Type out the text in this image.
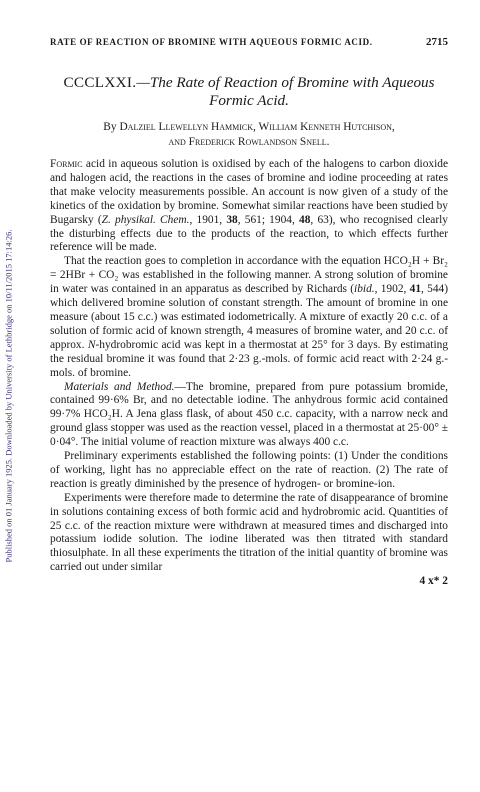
Published on 01 January 1925. Downloaded by University of Lethbridge on 10/11/2015 17:14:26.
RATE OF REACTION OF BROMINE WITH AQUEOUS FORMIC ACID.	2715
CCCLXXI.—The Rate of Reaction of Bromine with Aqueous Formic Acid.
By Dalziel Llewellyn Hammick, William Kenneth Hutchison,
and Frederick Rowlandson Snell.

Formic acid in aqueous solution is oxidised by each of the halogens to carbon dioxide and halogen acid, the reactions in the cases of bromine and iodine proceeding at rates that make velocity measurements possible. An account is now given of a study of the kinetics of the oxidation by bromine. Somewhat similar reactions have been studied by Bugarsky (Z. physikal. Chem., 1901, 38, 561; 1904, 48, 63), who recognised clearly the disturbing effects due to the products of the reaction, to which effects further reference will be made.

That the reaction goes to completion in accordance with the equation HCO₂H + Br₂ = 2HBr + CO₂ was established in the following manner. A strong solution of bromine in water was contained in an apparatus as described by Richards (ibid., 1902, 41, 544) which delivered bromine solution of constant strength. The amount of bromine in one measure (about 15 c.c.) was estimated iodometrically. A mixture of exactly 20 c.c. of a solution of formic acid of known strength, 4 measures of bromine water, and 20 c.c. of approx. N-hydrobromic acid was kept in a thermostat at 25° for 3 days. By estimating the residual bromine it was found that 2·23 g.-mols. of formic acid react with 2·24 g.-mols. of bromine.

Materials and Method.—The bromine, prepared from pure potassium bromide, contained 99·6% Br, and no detectable iodine. The anhydrous formic acid contained 99·7% HCO₂H. A Jena glass flask, of about 450 c.c. capacity, with a narrow neck and ground glass stopper was used as the reaction vessel, placed in a thermostat at 25·00° ± 0·04°. The initial volume of reaction mixture was always 400 c.c.

Preliminary experiments established the following points: (1) Under the conditions of working, light has no appreciable effect on the rate of reaction. (2) The rate of reaction is greatly diminished by the presence of hydrogen- or bromine-ion.

Experiments were therefore made to determine the rate of disappearance of bromine in solutions containing excess of both formic acid and hydrobromic acid. Quantities of 25 c.c. of the reaction mixture were withdrawn at measured times and discharged into potassium iodide solution. The iodine liberated was then titrated with standard thiosulphate. In all these experiments the titration of the initial quantity of bromine was carried out under similar

4 x* 2
